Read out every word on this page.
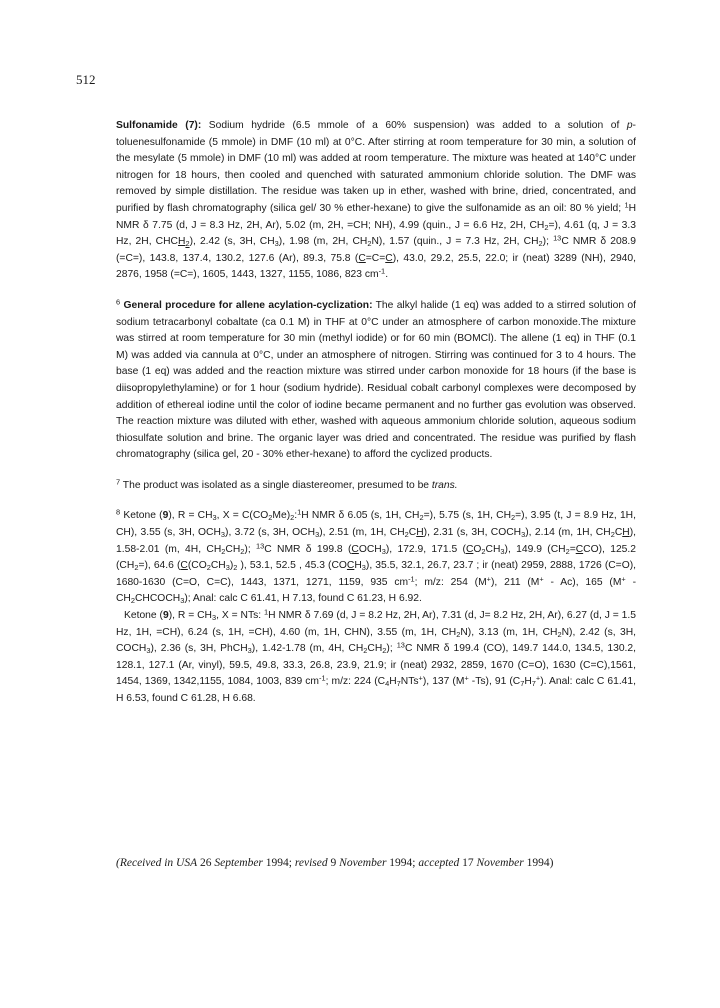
512

Sulfonamide (7): Sodium hydride (6.5 mmole of a 60% suspension) was added to a solution of p-toluenesulfonamide (5 mmole) in DMF (10 ml) at 0°C. After stirring at room temperature for 30 min, a solution of the mesylate (5 mmole) in DMF (10 ml) was added at room temperature. The mixture was heated at 140°C under nitrogen for 18 hours, then cooled and quenched with saturated ammonium chloride solution. The DMF was removed by simple distillation. The residue was taken up in ether, washed with brine, dried, concentrated, and purified by flash chromatography (silica gel/ 30 % ether-hexane) to give the sulfonamide as an oil: 80 % yield; $^1$H NMR δ 7.75 (d, J = 8.3 Hz, 2H, Ar), 5.02 (m, 2H, =CH; NH), 4.99 (quin., J = 6.6 Hz, 2H, $CH_2=$), 4.61 (q, J = 3.3 Hz, 2H, $CHCH_2$), 2.42 (s, 3H, $CH_3$), 1.98 (m, 2H, $CH_2N$), 1.57 (quin., J = 7.3 Hz, 2H, $CH_2$); $^{13}$C NMR δ 208.9 (=C=), 143.8, 137.4, 130.2, 127.6 (Ar), 89.3, 75.8 (C=C=C), 43.0, 29.2, 25.5, 22.0; ir (neat) 3289 (NH), 2940, 2876, 1958 (=C=), 1605, 1443, 1327, 1155, 1086, 823 $cm^{-1}$.

$^6$ General procedure for allene acylation-cyclization: The alkyl halide (1 eq) was added to a stirred solution of sodium tetracarbonyl cobaltate (ca 0.1 M) in THF at 0°C under an atmosphere of carbon monoxide.The mixture was stirred at room temperature for 30 min (methyl iodide) or for 60 min (BOMCl). The allene (1 eq) in THF (0.1 M) was added via cannula at 0°C, under an atmosphere of nitrogen. Stirring was continued for 3 to 4 hours. The base (1 eq) was added and the reaction mixture was stirred under carbon monoxide for 18 hours (if the base is diisopropylethylamine) or for 1 hour (sodium hydride). Residual cobalt carbonyl complexes were decomposed by addition of ethereal iodine until the color of iodine became permanent and no further gas evolution was observed. The reaction mixture was diluted with ether, washed with aqueous ammonium chloride solution, aqueous sodium thiosulfate solution and brine. The organic layer was dried and concentrated. The residue was purified by flash chromatography (silica gel, 20 - 30% ether-hexane) to afford the cyclized products.

$^7$ The product was isolated as a single diastereomer, presumed to be trans.

$^8$ Ketone (9), $R = CH_3$, $X = C(CO_2Me)_2:^1H$ NMR δ 6.05 (s, 1H, $CH_2=$), 5.75 (s, 1H, $CH_2=$), 3.95 (t, J = 8.9 Hz, 1H, CH), 3.55 (s, 3H, $OCH_3$), 3.72 (s, 3H, $OCH_3$), 2.51 (m, 1H, $CH_2CH$), 2.31 (s, 3H, $COCH_3$), 2.14 (m, 1H, $CH_2CH$), 1.58-2.01 (m, 4H, $CH_2CH_2$); $^{13}$C NMR δ 199.8 $(COCH_3)$, 172.9, 171.5 $(CO_2CH_3)$, 149.9 $(CH_2=CCO)$, 125.2 $(CH_2=)$, 64.6 ($C(CO_2CH_3)_2$ ), 53.1, 52.5 , 45.3 $(COCH_3)$, 35.5, 32.1, 26.7, 23.7 ; ir (neat) 2959, 2888, 1726 (C=O), 1680-1630 (C=O, C=C), 1443, 1371, 1271, 1159, 935 $cm^{-1}$; m/z: 254 (M+), 211 (M+ - Ac), 165 $(M^+ - CH_2CHCOCH_3)$; Anal: calc C 61.41, H 7.13, found C 61.23, H 6.92.

Ketone (9), $R = CH_3$, X = NTs: $^1$H NMR δ 7.69 (d, J = 8.2 Hz, 2H, Ar), 7.31 (d, J= 8.2 Hz, 2H, Ar), 6.27 (d, J = 1.5 Hz, 1H, =CH), 6.24 (s, 1H, =CH), 4.60 (m, 1H, CHN), 3.55 (m, 1H, $CH_2N$), 3.13 (m, 1H, $CH_2N$), 2.42 (s, 3H, $COCH_3$), 2.36 (s, 3H, PhCH$_3$), 1.42-1.78 (m, 4H, $CH_2CH_2$); $^{13}$C NMR δ 199.4 (CO), 149.7 144.0, 134.5, 130.2, 128.1, 127.1 (Ar, vinyl), 59.5, 49.8, 33.3, 26.8, 23.9, 21.9; ir (neat) 2932, 2859, 1670 (C=O), 1630 (C=C),1561, 1454, 1369, 1342,1155, 1084, 1003, 839 $cm^{-1}$; m/z: 224 $(C_4H_7NTs^+)$, 137 (M+ -Ts), 91 $(C_7H_7^+)$. Anal: calc C 61.41, H 6.53, found C 61.28, H 6.68.

(Received in USA 26 September 1994; revised 9 November 1994; accepted 17 November 1994)
